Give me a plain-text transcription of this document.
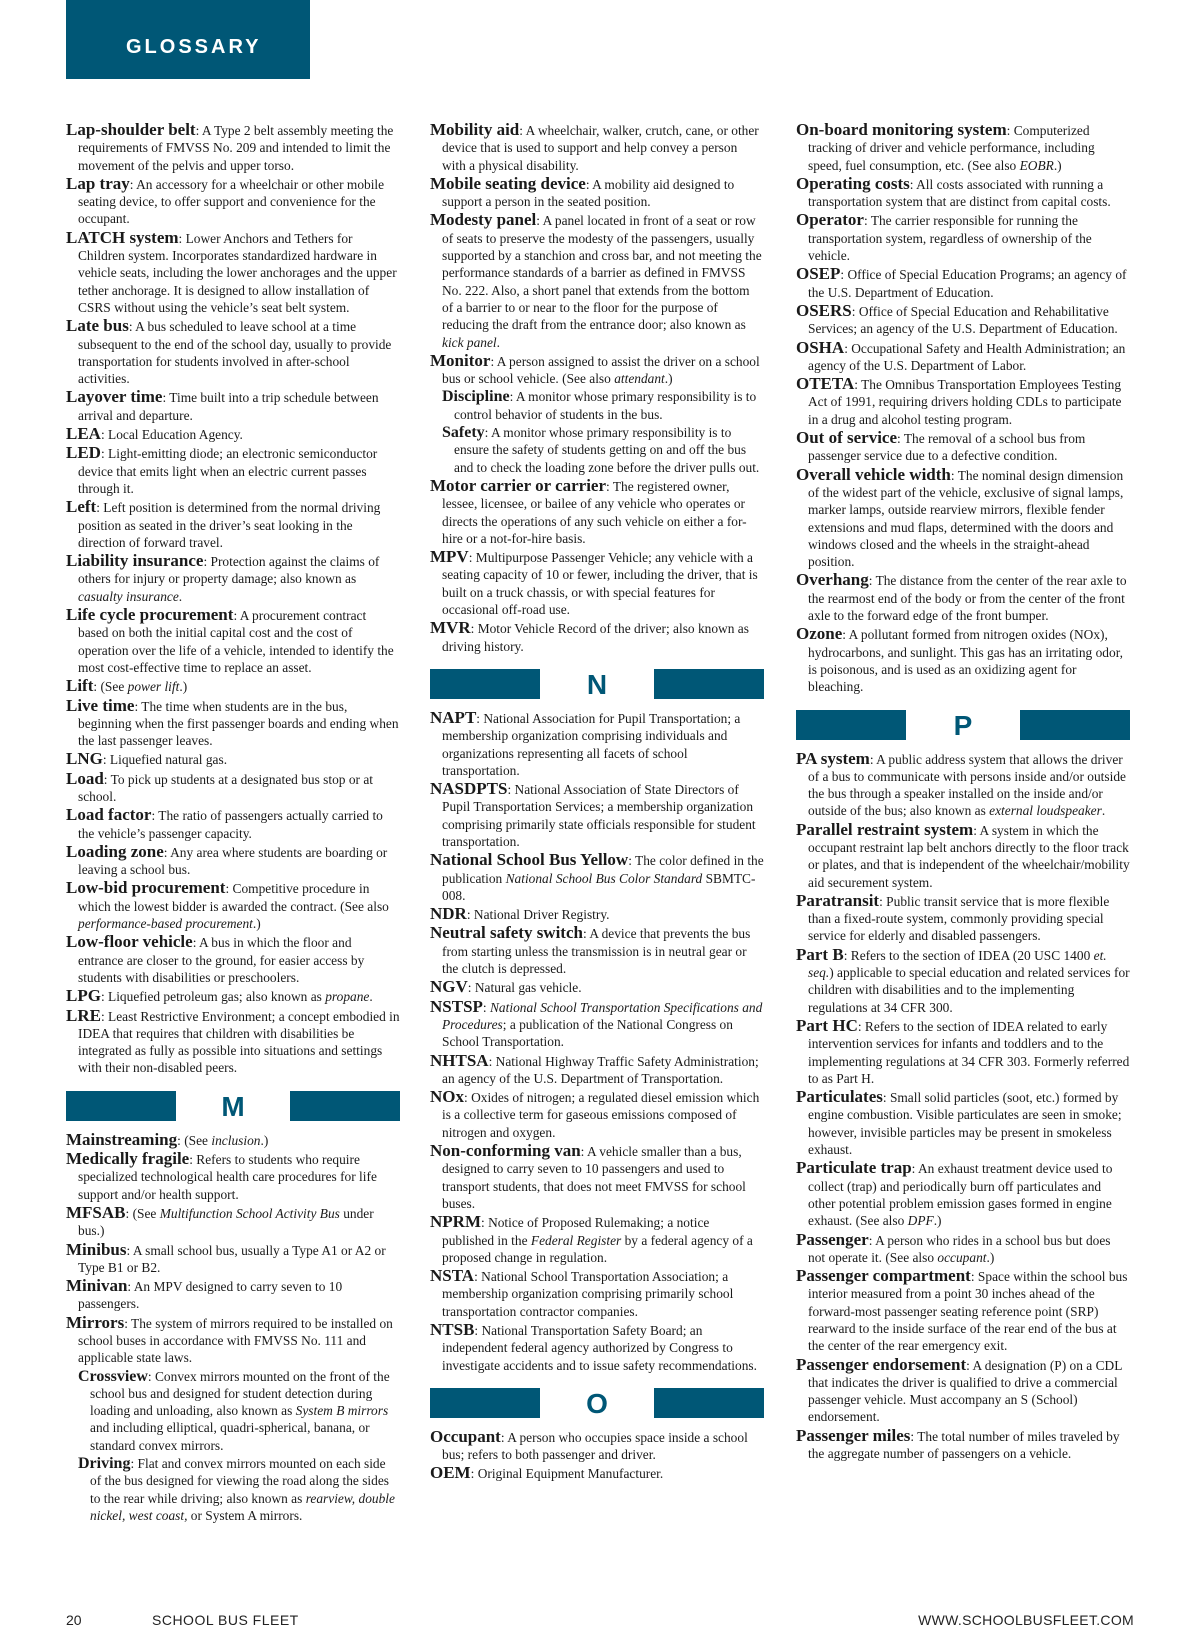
GLOSSARY
Lap-shoulder belt: A Type 2 belt assembly meeting the requirements of FMVSS No. 209 and intended to limit the movement of the pelvis and upper torso.
Lap tray: An accessory for a wheelchair or other mobile seating device, to offer support and convenience for the occupant.
LATCH system: Lower Anchors and Tethers for Children system. Incorporates standardized hardware in vehicle seats, including the lower anchorages and the upper tether anchorage. It is designed to allow installation of CSRS without using the vehicle’s seat belt system.
Late bus: A bus scheduled to leave school at a time subsequent to the end of the school day, usually to provide transportation for students involved in after-school activities.
Layover time: Time built into a trip schedule between arrival and departure.
LEA: Local Education Agency.
LED: Light-emitting diode; an electronic semiconductor device that emits light when an electric current passes through it.
Left: Left position is determined from the normal driving position as seated in the driver’s seat looking in the direction of forward travel.
Liability insurance: Protection against the claims of others for injury or property damage; also known as casualty insurance.
Life cycle procurement: A procurement contract based on both the initial capital cost and the cost of operation over the life of a vehicle, intended to identify the most cost-effective time to replace an asset.
Lift: (See power lift.)
Live time: The time when students are in the bus, beginning when the first passenger boards and ending when the last passenger leaves.
LNG: Liquefied natural gas.
Load: To pick up students at a designated bus stop or at school.
Load factor: The ratio of passengers actually carried to the vehicle’s passenger capacity.
Loading zone: Any area where students are boarding or leaving a school bus.
Low-bid procurement: Competitive procedure in which the lowest bidder is awarded the contract. (See also performance-based procurement.)
Low-floor vehicle: A bus in which the floor and entrance are closer to the ground, for easier access by students with disabilities or preschoolers.
LPG: Liquefied petroleum gas; also known as propane.
LRE: Least Restrictive Environment; a concept embodied in IDEA that requires that children with disabilities be integrated as fully as possible into situations and settings with their non-disabled peers.
M
Mainstreaming: (See inclusion.)
Medically fragile: Refers to students who require specialized technological health care procedures for life support and/or health support.
MFSAB: (See Multifunction School Activity Bus under bus.)
Minibus: A small school bus, usually a Type A1 or A2 or Type B1 or B2.
Minivan: An MPV designed to carry seven to 10 passengers.
Mirrors: The system of mirrors required to be installed on school buses in accordance with FMVSS No. 111 and applicable state laws.
Crossview: Convex mirrors mounted on the front of the school bus and designed for student detection during loading and unloading, also known as System B mirrors and including elliptical, quadri-spherical, banana, or standard convex mirrors.
Driving: Flat and convex mirrors mounted on each side of the bus designed for viewing the road along the sides to the rear while driving; also known as rearview, double nickel, west coast, or System A mirrors.
Mobility aid: A wheelchair, walker, crutch, cane, or other device that is used to support and help convey a person with a physical disability.
Mobile seating device: A mobility aid designed to support a person in the seated position.
Modesty panel: A panel located in front of a seat or row of seats to preserve the modesty of the passengers, usually supported by a stanchion and cross bar, and not meeting the performance standards of a barrier as defined in FMVSS No. 222. Also, a short panel that extends from the bottom of a barrier to or near to the floor for the purpose of reducing the draft from the entrance door; also known as kick panel.
Monitor: A person assigned to assist the driver on a school bus or school vehicle. (See also attendant.)
Discipline: A monitor whose primary responsibility is to control behavior of students in the bus.
Safety: A monitor whose primary responsibility is to ensure the safety of students getting on and off the bus and to check the loading zone before the driver pulls out.
Motor carrier or carrier: The registered owner, lessee, licensee, or bailee of any vehicle who operates or directs the operations of any such vehicle on either a for-hire or a not-for-hire basis.
MPV: Multipurpose Passenger Vehicle; any vehicle with a seating capacity of 10 or fewer, including the driver, that is built on a truck chassis, or with special features for occasional off-road use.
MVR: Motor Vehicle Record of the driver; also known as driving history.
N
NAPT: National Association for Pupil Transportation; a membership organization comprising individuals and organizations representing all facets of school transportation.
NASDPTS: National Association of State Directors of Pupil Transportation Services; a membership organization comprising primarily state officials responsible for student transportation.
National School Bus Yellow: The color defined in the publication National School Bus Color Standard SBMTC-008.
NDR: National Driver Registry.
Neutral safety switch: A device that prevents the bus from starting unless the transmission is in neutral gear or the clutch is depressed.
NGV: Natural gas vehicle.
NSTSP: National School Transportation Specifications and Procedures; a publication of the National Congress on School Transportation.
NHTSA: National Highway Traffic Safety Administration; an agency of the U.S. Department of Transportation.
NOx: Oxides of nitrogen; a regulated diesel emission which is a collective term for gaseous emissions composed of nitrogen and oxygen.
Non-conforming van: A vehicle smaller than a bus, designed to carry seven to 10 passengers and used to transport students, that does not meet FMVSS for school buses.
NPRM: Notice of Proposed Rulemaking; a notice published in the Federal Register by a federal agency of a proposed change in regulation.
NSTA: National School Transportation Association; a membership organization comprising primarily school transportation contractor companies.
NTSB: National Transportation Safety Board; an independent federal agency authorized by Congress to investigate accidents and to issue safety recommendations.
O
Occupant: A person who occupies space inside a school bus; refers to both passenger and driver.
OEM: Original Equipment Manufacturer.
On-board monitoring system: Computerized tracking of driver and vehicle performance, including speed, fuel consumption, etc. (See also EOBR.)
Operating costs: All costs associated with running a transportation system that are distinct from capital costs.
Operator: The carrier responsible for running the transportation system, regardless of ownership of the vehicle.
OSEP: Office of Special Education Programs; an agency of the U.S. Department of Education.
OSERS: Office of Special Education and Rehabilitative Services; an agency of the U.S. Department of Education.
OSHA: Occupational Safety and Health Administration; an agency of the U.S. Department of Labor.
OTETA: The Omnibus Transportation Employees Testing Act of 1991, requiring drivers holding CDLs to participate in a drug and alcohol testing program.
Out of service: The removal of a school bus from passenger service due to a defective condition.
Overall vehicle width: The nominal design dimension of the widest part of the vehicle, exclusive of signal lamps, marker lamps, outside rearview mirrors, flexible fender extensions and mud flaps, determined with the doors and windows closed and the wheels in the straight-ahead position.
Overhang: The distance from the center of the rear axle to the rearmost end of the body or from the center of the front axle to the forward edge of the front bumper.
Ozone: A pollutant formed from nitrogen oxides (NOx), hydrocarbons, and sunlight. This gas has an irritating odor, is poisonous, and is used as an oxidizing agent for bleaching.
P
PA system: A public address system that allows the driver of a bus to communicate with persons inside and/or outside the bus through a speaker installed on the inside and/or outside of the bus; also known as external loudspeaker.
Parallel restraint system: A system in which the occupant restraint lap belt anchors directly to the floor track or plates, and that is independent of the wheelchair/mobility aid securement system.
Paratransit: Public transit service that is more flexible than a fixed-route system, commonly providing special service for elderly and disabled passengers.
Part B: Refers to the section of IDEA (20 USC 1400 et. seq.) applicable to special education and related services for children with disabilities and to the implementing regulations at 34 CFR 300.
Part HC: Refers to the section of IDEA related to early intervention services for infants and toddlers and to the implementing regulations at 34 CFR 303. Formerly referred to as Part H.
Particulates: Small solid particles (soot, etc.) formed by engine combustion. Visible particulates are seen in smoke; however, invisible particles may be present in smokeless exhaust.
Particulate trap: An exhaust treatment device used to collect (trap) and periodically burn off particulates and other potential problem emission gases formed in engine exhaust. (See also DPF.)
Passenger: A person who rides in a school bus but does not operate it. (See also occupant.)
Passenger compartment: Space within the school bus interior measured from a point 30 inches ahead of the forward-most passenger seating reference point (SRP) rearward to the inside surface of the rear end of the bus at the center of the rear emergency exit.
Passenger endorsement: A designation (P) on a CDL that indicates the driver is qualified to drive a commercial passenger vehicle. Must accompany an S (School) endorsement.
Passenger miles: The total number of miles traveled by the aggregate number of passengers on a vehicle.
20	SCHOOL BUS FLEET	WWW.SCHOOLBUSFLEET.COM
